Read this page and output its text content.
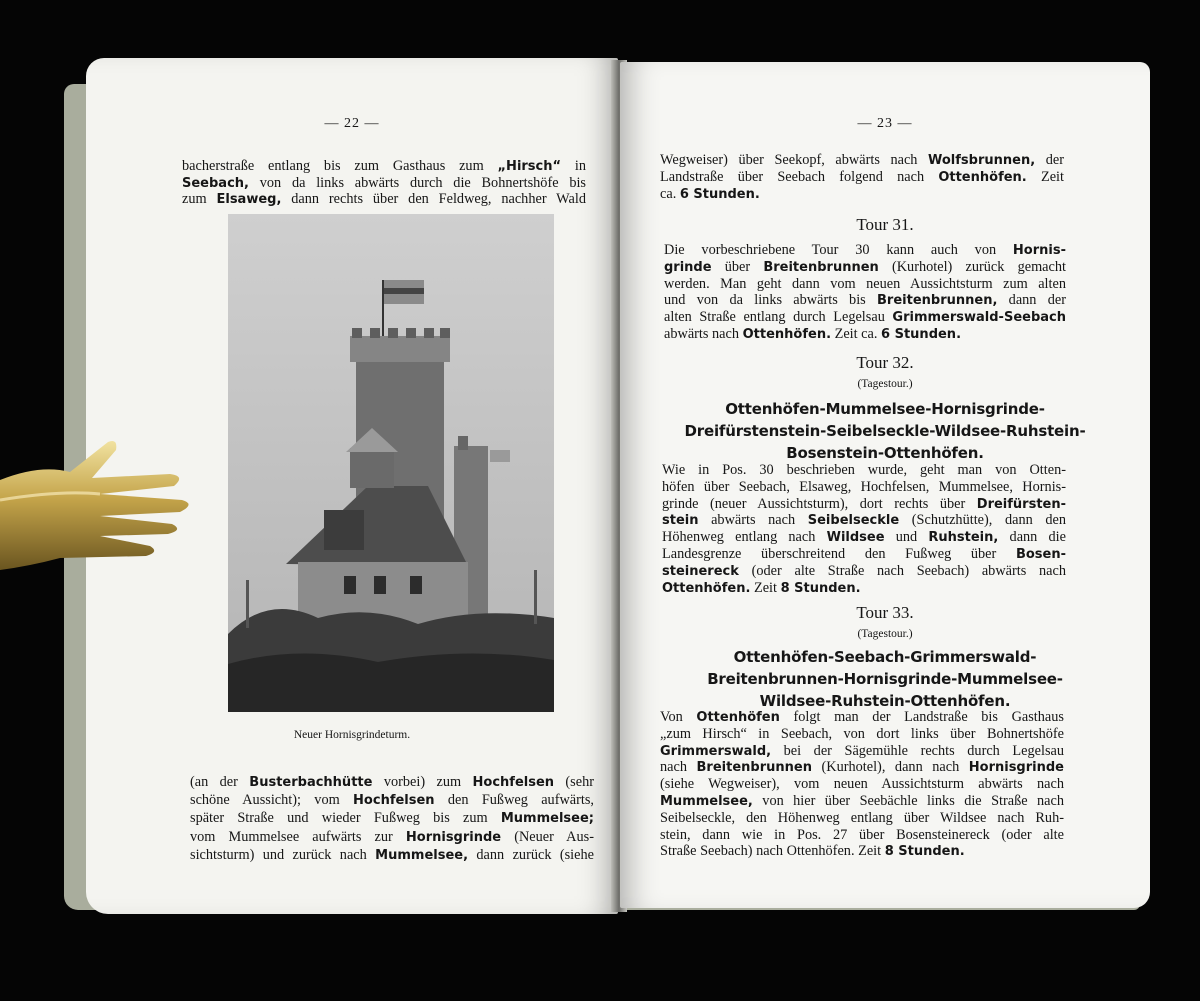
— 22 —
bacherstraße entlang bis zum Gasthaus zum „Hirsch“ in
Seebach, von da links abwärts durch die Bohnertshöfe bis
zum Elsaweg, dann rechts über den Feldweg, nachher Wald
Neuer Hornisgrindeturm.
(an der Busterbachhütte vorbei) zum Hochfelsen (sehr
schöne Aussicht); vom Hochfelsen den Fußweg aufwärts,
später Straße und wieder Fußweg bis zum Mummelsee;
vom Mummelsee aufwärts zur Hornisgrinde (Neuer Aus-
sichtsturm) und zurück nach Mummelsee, dann zurück (siehe
— 23 —
Wegweiser) über Seekopf, abwärts nach Wolfsbrunnen, der
Landstraße über Seebach folgend nach Ottenhöfen. Zeit
ca. 6 Stunden.
Tour 31.
Die vorbeschriebene Tour 30 kann auch von Hornis-
grinde über Breitenbrunnen (Kurhotel) zurück gemacht
werden. Man geht dann vom neuen Aussichtsturm zum alten
und von da links abwärts bis Breitenbrunnen, dann der
alten Straße entlang durch Legelsau Grimmerswald-Seebach
abwärts nach Ottenhöfen. Zeit ca. 6 Stunden.
Tour 32.
(Tagestour.)
Ottenhöfen-Mummelsee-Hornisgrinde-
Dreifürstenstein-Seibelseckle-Wildsee-Ruhstein-
Bosenstein-Ottenhöfen.
Wie in Pos. 30 beschrieben wurde, geht man von Otten-
höfen über Seebach, Elsaweg, Hochfelsen, Mummelsee, Hornis-
grinde (neuer Aussichtsturm), dort rechts über Dreifürsten-
stein abwärts nach Seibelseckle (Schutzhütte), dann den
Höhenweg entlang nach Wildsee und Ruhstein, dann die
Landesgrenze überschreitend den Fußweg über Bosen-
steinereck (oder alte Straße nach Seebach) abwärts nach
Ottenhöfen. Zeit 8 Stunden.
Tour 33.
(Tagestour.)
Ottenhöfen-Seebach-Grimmerswald-
Breitenbrunnen-Hornisgrinde-Mummelsee-
Wildsee-Ruhstein-Ottenhöfen.
Von Ottenhöfen folgt man der Landstraße bis Gasthaus
„zum Hirsch“ in Seebach, von dort links über Bohnertshöfe
Grimmerswald, bei der Sägemühle rechts durch Legelsau
nach Breitenbrunnen (Kurhotel), dann nach Hornisgrinde
(siehe Wegweiser), vom neuen Aussichtsturm abwärts nach
Mummelsee, von hier über Seebächle links die Straße nach
Seibelseckle, den Höhenweg entlang über Wildsee nach Ruh-
stein, dann wie in Pos. 27 über Bosensteinereck (oder alte
Straße Seebach) nach Ottenhöfen. Zeit 8 Stunden.
